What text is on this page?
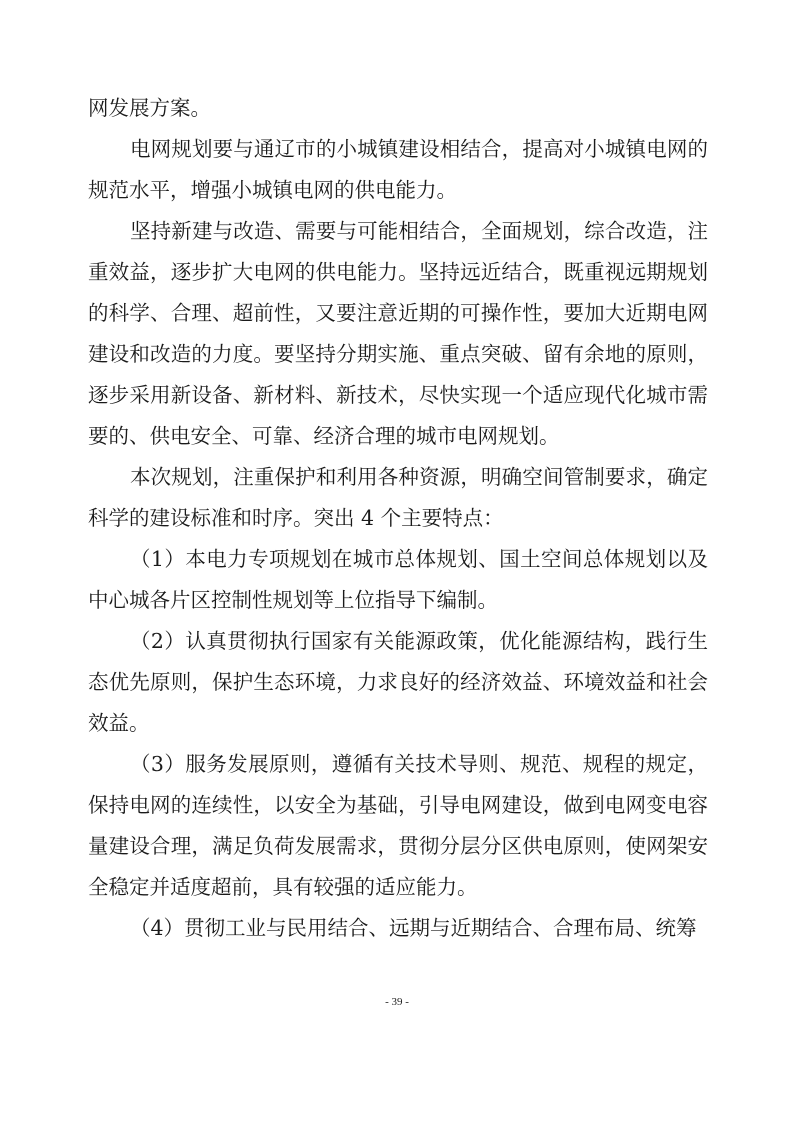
网发展方案。

电网规划要与通辽市的小城镇建设相结合，提高对小城镇电网的规范水平，增强小城镇电网的供电能力。

坚持新建与改造、需要与可能相结合，全面规划，综合改造，注重效益，逐步扩大电网的供电能力。坚持远近结合，既重视远期规划的科学、合理、超前性，又要注意近期的可操作性，要加大近期电网建设和改造的力度。要坚持分期实施、重点突破、留有余地的原则，逐步采用新设备、新材料、新技术，尽快实现一个适应现代化城市需要的、供电安全、可靠、经济合理的城市电网规划。

本次规划，注重保护和利用各种资源，明确空间管制要求，确定科学的建设标准和时序。突出 4 个主要特点：

（1）本电力专项规划在城市总体规划、国土空间总体规划以及中心城各片区控制性规划等上位指导下编制。

（2）认真贯彻执行国家有关能源政策，优化能源结构，践行生态优先原则，保护生态环境，力求良好的经济效益、环境效益和社会效益。

（3）服务发展原则，遵循有关技术导则、规范、规程的规定，保持电网的连续性，以安全为基础，引导电网建设，做到电网变电容量建设合理，满足负荷发展需求，贯彻分层分区供电原则，使网架安全稳定并适度超前，具有较强的适应能力。

（4）贯彻工业与民用结合、远期与近期结合、合理布局、统筹

- 39 -
